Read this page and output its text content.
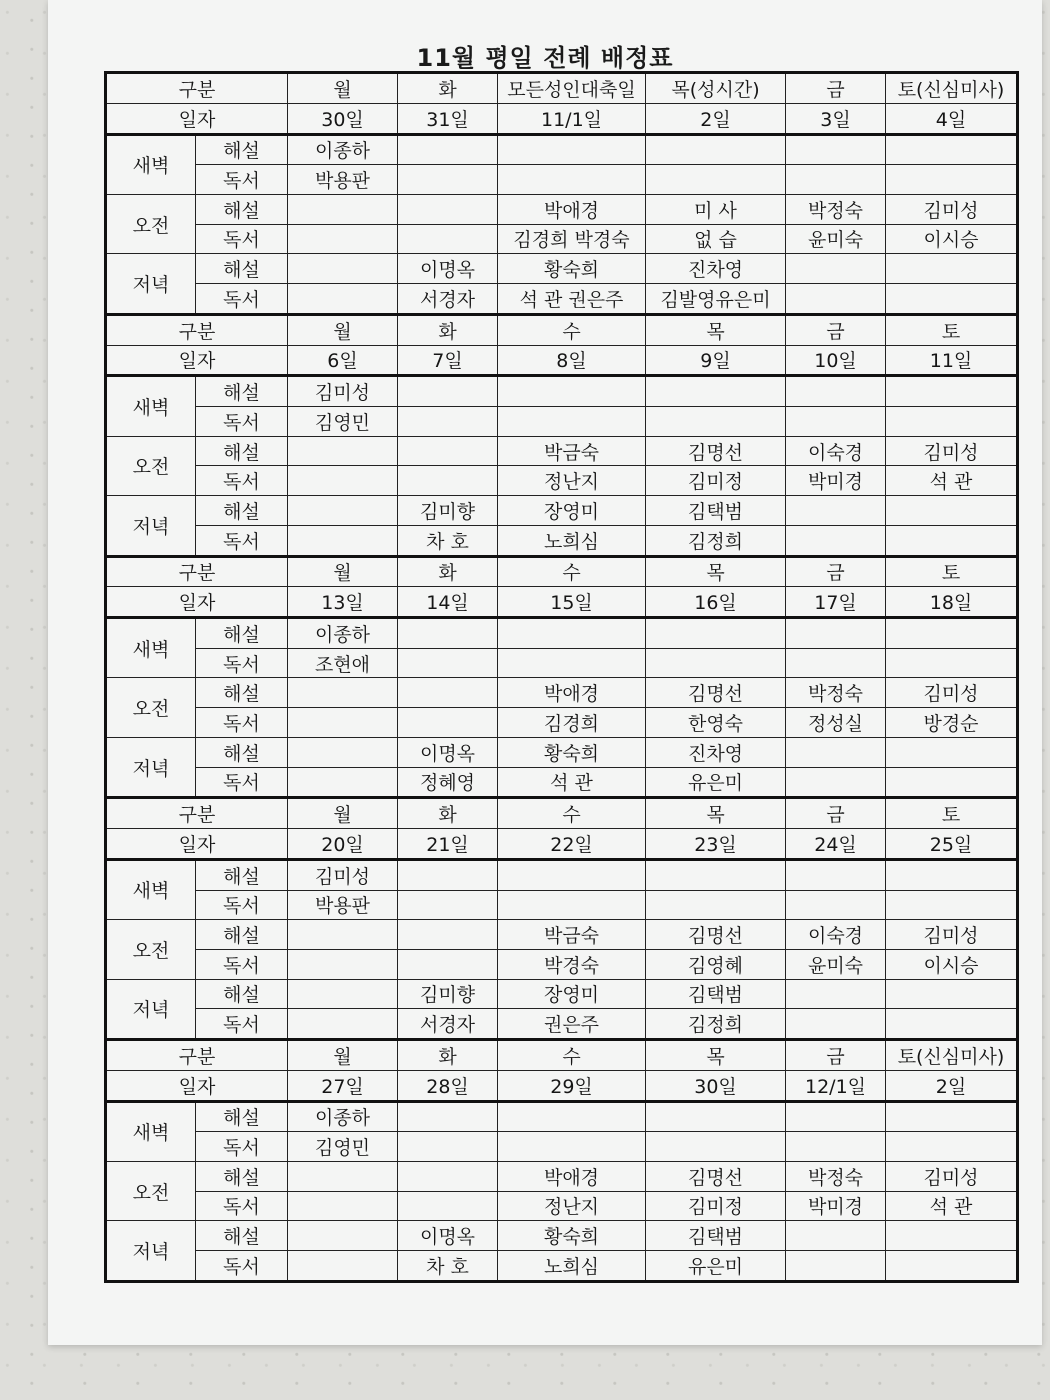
11월 평일 전례 배정표
구분		월	화	모든성인대축일	목(성시간)	금	토(신심미사)
일자		30일	31일	11/1일	2일	3일	4일
새벽	해설	이종하					
	독서	박용판					
오전	해설			박애경	미 사	박정숙	김미성
	독서			김경희 박경숙	없 습	윤미숙	이시승
저녁	해설		이명옥	황숙희	진차영		
	독서		서경자	석 관 권은주	김발영유은미		
구분		월	화	수	목	금	토
일자		6일	7일	8일	9일	10일	11일
새벽	해설	김미성					
	독서	김영민					
오전	해설			박금숙	김명선	이숙경	김미성
	독서			정난지	김미정	박미경	석 관
저녁	해설		김미향	장영미	김택범		
	독서		차 호	노희심	김정희		
구분		월	화	수	목	금	토
일자		13일	14일	15일	16일	17일	18일
새벽	해설	이종하					
	독서	조현애					
오전	해설			박애경	김명선	박정숙	김미성
	독서			김경희	한영숙	정성실	방경순
저녁	해설		이명옥	황숙희	진차영		
	독서		정혜영	석 관	유은미		
구분		월	화	수	목	금	토
일자		20일	21일	22일	23일	24일	25일
새벽	해설	김미성					
	독서	박용판					
오전	해설			박금숙	김명선	이숙경	김미성
	독서			박경숙	김영혜	윤미숙	이시승
저녁	해설		김미향	장영미	김택범		
	독서		서경자	권은주	김정희		
구분		월	화	수	목	금	토(신심미사)
일자		27일	28일	29일	30일	12/1일	2일
새벽	해설	이종하					
	독서	김영민					
오전	해설			박애경	김명선	박정숙	김미성
	독서			정난지	김미정	박미경	석 관
저녁	해설		이명옥	황숙희	김택범		
	독서		차 호	노희심	유은미		
